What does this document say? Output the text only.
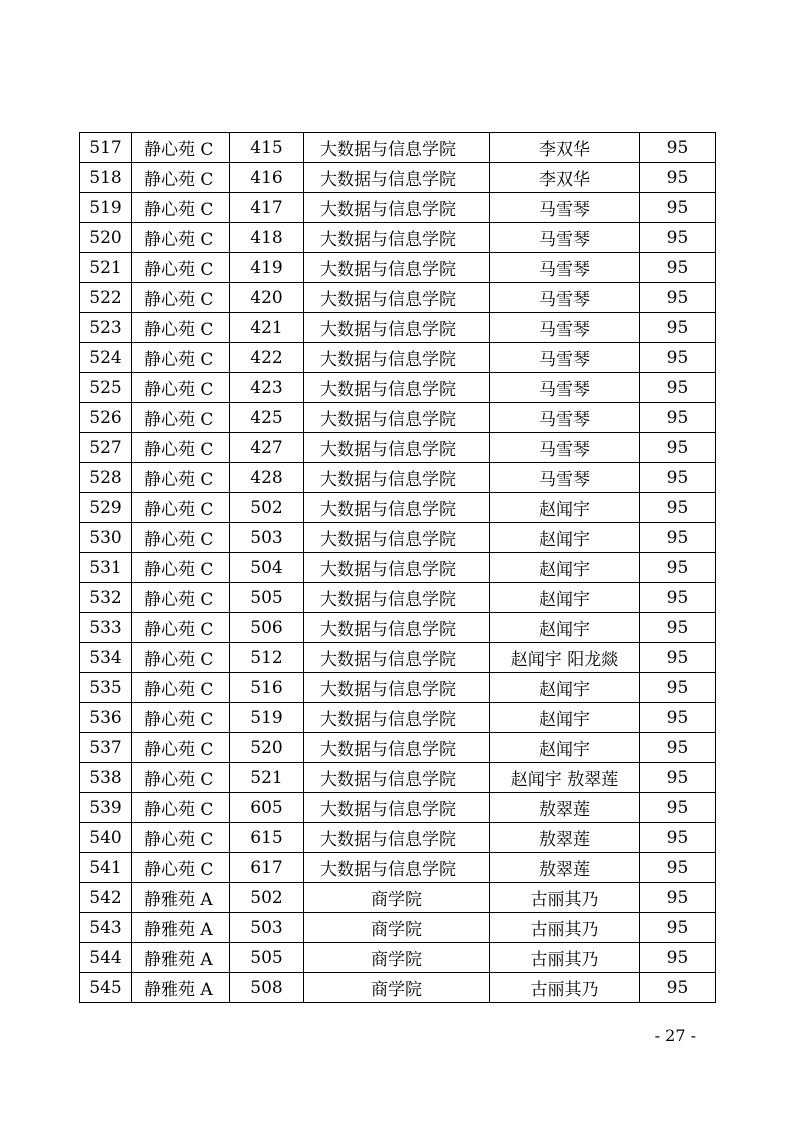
517	静心苑 C	415	大数据与信息学院	李双华	95
518	静心苑 C	416	大数据与信息学院	李双华	95
519	静心苑 C	417	大数据与信息学院	马雪琴	95
520	静心苑 C	418	大数据与信息学院	马雪琴	95
521	静心苑 C	419	大数据与信息学院	马雪琴	95
522	静心苑 C	420	大数据与信息学院	马雪琴	95
523	静心苑 C	421	大数据与信息学院	马雪琴	95
524	静心苑 C	422	大数据与信息学院	马雪琴	95
525	静心苑 C	423	大数据与信息学院	马雪琴	95
526	静心苑 C	425	大数据与信息学院	马雪琴	95
527	静心苑 C	427	大数据与信息学院	马雪琴	95
528	静心苑 C	428	大数据与信息学院	马雪琴	95
529	静心苑 C	502	大数据与信息学院	赵闻宇	95
530	静心苑 C	503	大数据与信息学院	赵闻宇	95
531	静心苑 C	504	大数据与信息学院	赵闻宇	95
532	静心苑 C	505	大数据与信息学院	赵闻宇	95
533	静心苑 C	506	大数据与信息学院	赵闻宇	95
534	静心苑 C	512	大数据与信息学院	赵闻宇 阳龙燚	95
535	静心苑 C	516	大数据与信息学院	赵闻宇	95
536	静心苑 C	519	大数据与信息学院	赵闻宇	95
537	静心苑 C	520	大数据与信息学院	赵闻宇	95
538	静心苑 C	521	大数据与信息学院	赵闻宇 敖翠莲	95
539	静心苑 C	605	大数据与信息学院	敖翠莲	95
540	静心苑 C	615	大数据与信息学院	敖翠莲	95
541	静心苑 C	617	大数据与信息学院	敖翠莲	95
542	静雅苑 A	502	商学院	古丽其乃	95
543	静雅苑 A	503	商学院	古丽其乃	95
544	静雅苑 A	505	商学院	古丽其乃	95
545	静雅苑 A	508	商学院	古丽其乃	95
- 27 -
